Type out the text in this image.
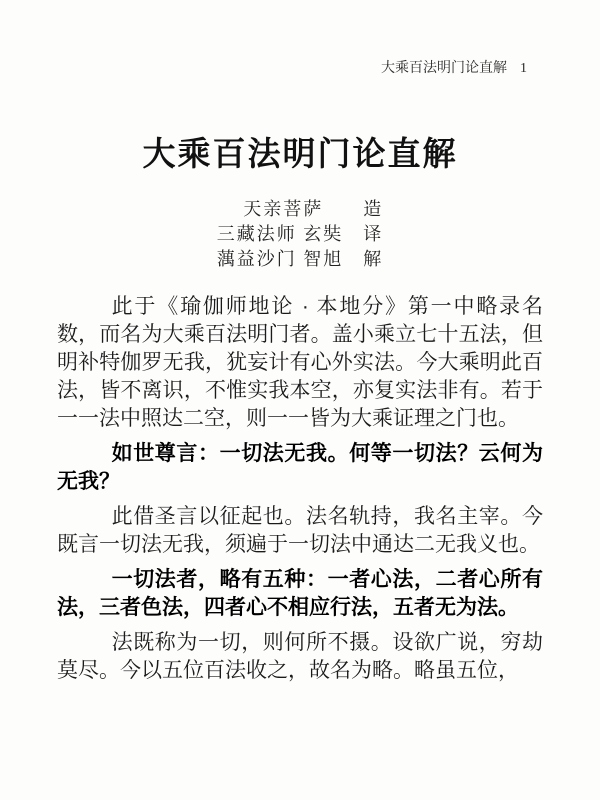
大乘百法明门论直解 1
大乘百法明门论直解
天亲菩萨　　造
三藏法师 玄奘　译
蕅益沙门 智旭　解

此于《瑜伽师地论 · 本地分》第一中略录名数，而名为大乘百法明门者。盖小乘立七十五法，但明补特伽罗无我，犹妄计有心外实法。今大乘明此百法，皆不离识，不惟实我本空，亦复实法非有。若于一一法中照达二空，则一一皆为大乘证理之门也。

如世尊言：一切法无我。何等一切法？云何为无我？

此借圣言以征起也。法名轨持，我名主宰。今既言一切法无我，须遍于一切法中通达二无我义也。

一切法者，略有五种：一者心法，二者心所有法，三者色法，四者心不相应行法，五者无为法。

法既称为一切，则何所不摄。设欲广说，穷劫莫尽。今以五位百法收之，故名为略。略虽五位，
